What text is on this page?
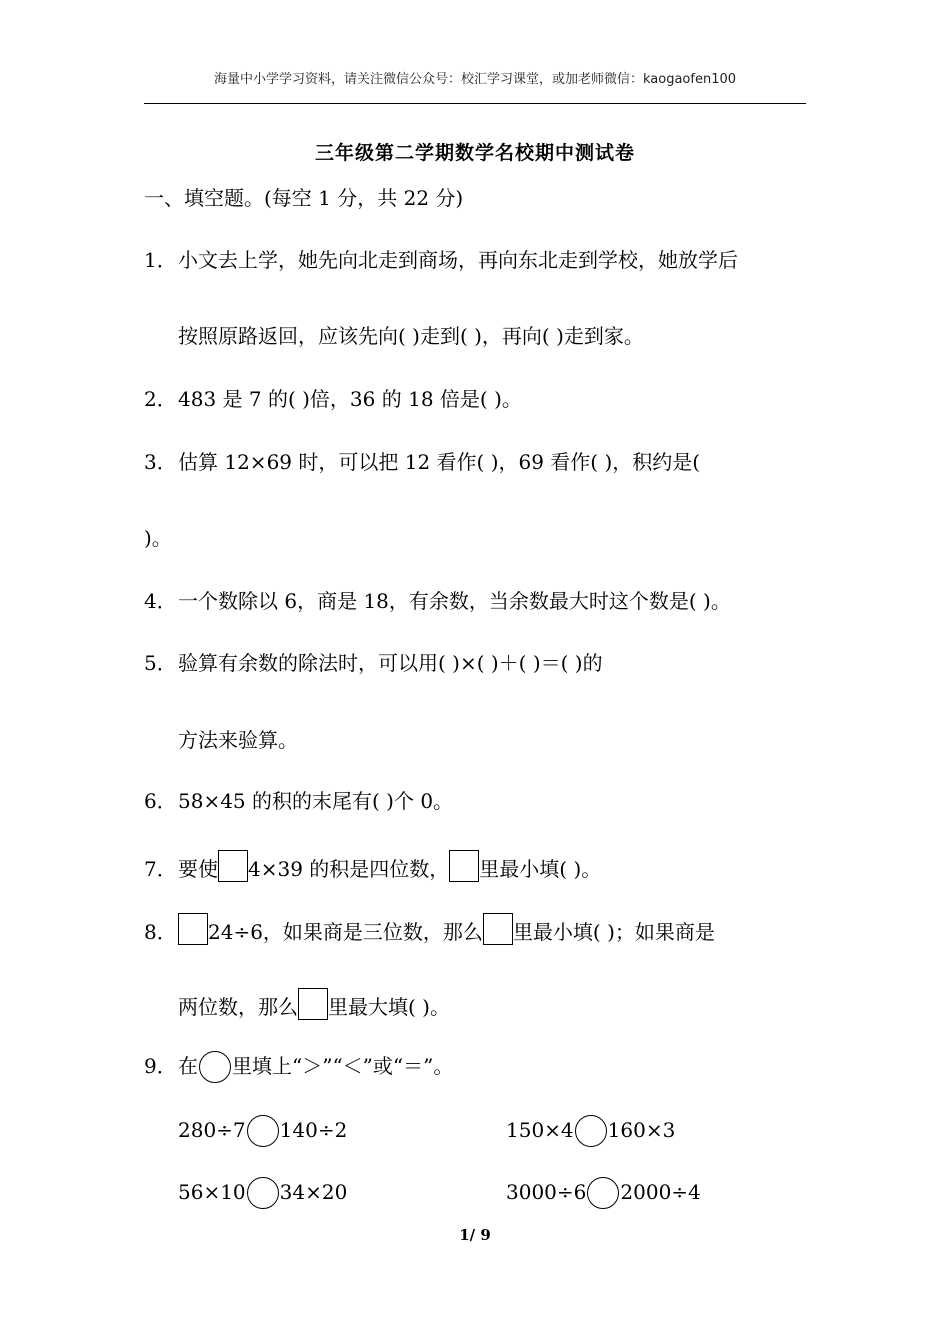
海量中小学学习资料，请关注微信公众号：校汇学习课堂，或加老师微信：kaogaofen100
三年级第二学期数学名校期中测试卷
一、填空题。(每空 1 分，共 22 分)
1．小文去上学，她先向北走到商场，再向东北走到学校，她放学后
按照原路返回，应该先向( )走到( )，再向( )走到家。
2．483 是 7 的( )倍，36 的 18 倍是( )。
3．估算 12×69 时，可以把 12 看作( )，69 看作( )，积约是(
)。
4．一个数除以 6，商是 18，有余数，当余数最大时这个数是( )。
5．验算有余数的除法时，可以用( )×( )＋( )＝( )的
方法来验算。
6．58×45 的积的末尾有( )个 0。
7．要使 4×39 的积是四位数， 里最小填( )。
8． 24÷6，如果商是三位数，那么 里最小填( )；如果商是
两位数，那么 里最大填( )。
9．在 里填上“＞”“＜”或“＝”。
280÷7 140÷2	150×4 160×3
56×10 34×20	3000÷6 2000÷4
1/ 9
